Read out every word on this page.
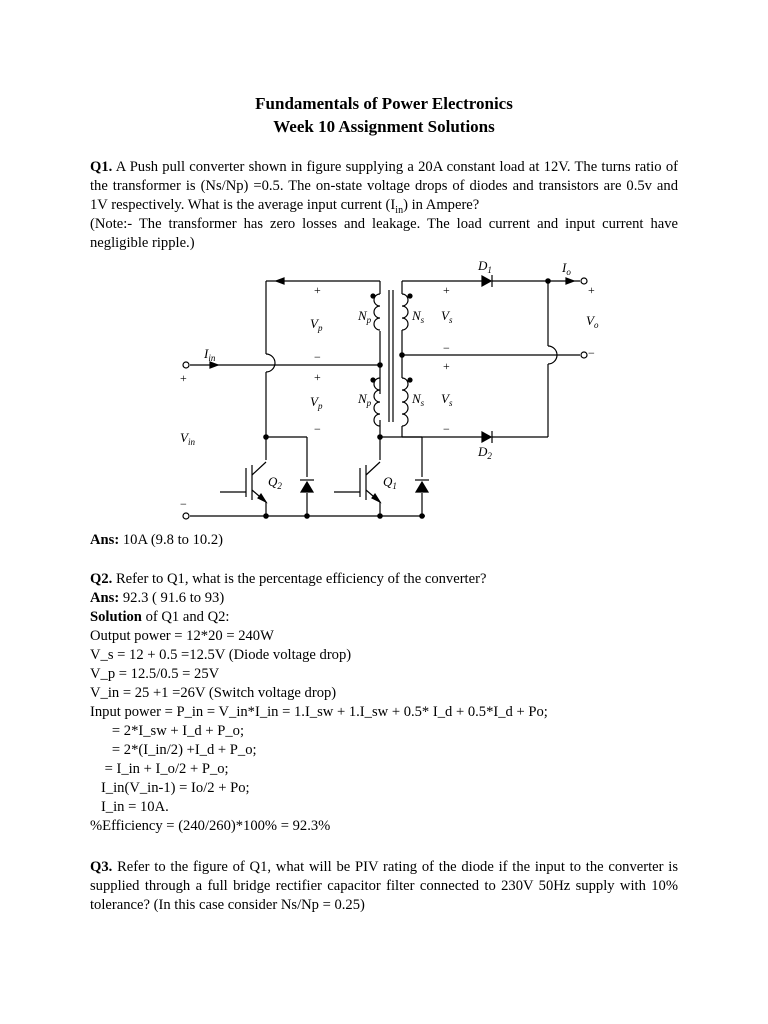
Fundamentals of Power Electronics
Week 10 Assignment Solutions
Q1. A Push pull converter shown in figure supplying a 20A constant load at 12V. The turns ratio of the transformer is (Ns/Np) =0.5. The on-state voltage drops of diodes and transistors are 0.5v and 1V respectively. What is the average input current $(I_{in})$ in Ampere?
(Note:- The transformer has zero losses and leakage. The load current and input current have negligible ripple.)
$D_1$
$D_2$
$I_o$
$V_o$
$I_{in}$
$V_{in}$
$V_p$
$V_p$
$N_p$
$N_p$
$N_s$
$N_s$
$V_s$
$V_s$
$Q_2$	$Q_1$
+
−
+
−
+
−
+
−
+
−
+
−
Ans: 10A (9.8 to 10.2)
Q2. Refer to Q1, what is the percentage efficiency of the converter?
Ans: 92.3 ( 91.6 to 93)
Solution of Q1 and Q2:
Output power = 12*20 = 240W
V_s = 12 + 0.5 =12.5V (Diode voltage drop)
V_p = 12.5/0.5 = 25V
V_in = 25 +1 =26V (Switch voltage drop)
Input power = P_in = V_in*I_in = 1.I_sw + 1.I_sw + 0.5* I_d + 0.5*I_d + Po;
= 2*I_sw + I_d + P_o;
= 2*(I_in/2) +I_d + P_o;
= I_in + I_o/2 + P_o;
I_in(V_in-1) = Io/2 + Po;
I_in = 10A.
%Efficiency = (240/260)*100% = 92.3%
Q3. Refer to the figure of Q1, what will be PIV rating of the diode if the input to the converter is supplied through a full bridge rectifier capacitor filter connected to 230V 50Hz supply with 10% tolerance? (In this case consider Ns/Np = 0.25)
